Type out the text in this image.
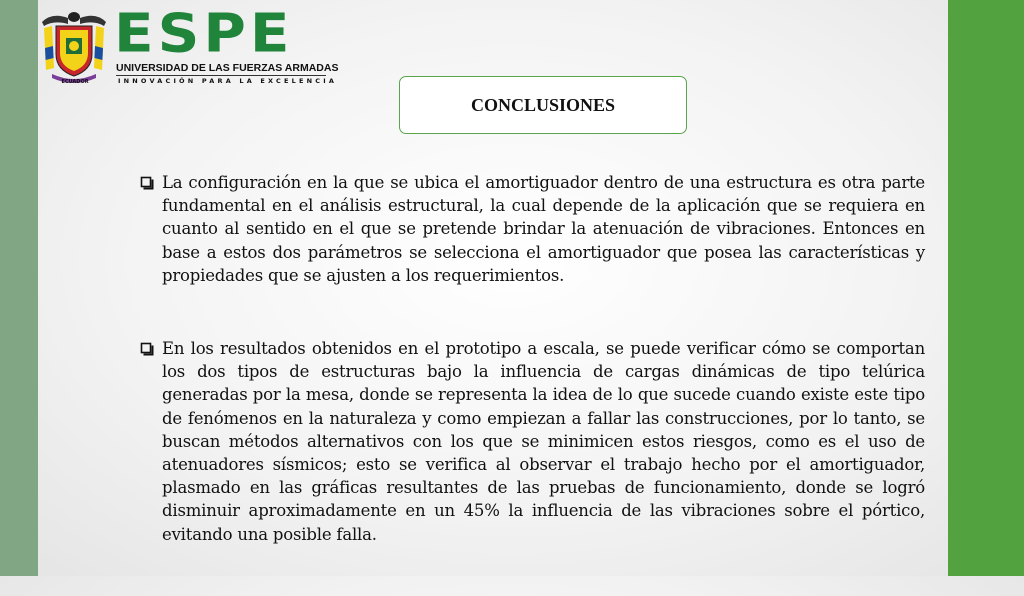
ECUADOR
ESPE
UNIVERSIDAD DE LAS FUERZAS ARMADAS
INNOVACIÓN PARA LA EXCELENCIA
CONCLUSIONES
La configuración en la que se ubica el amortiguador dentro de una estructura es otra parte fundamental en el análisis estructural, la cual depende de la aplicación que se requiera en cuanto al sentido en el que se pretende brindar la atenuación de vibraciones. Entonces en base a estos dos parámetros se selecciona el amortiguador que posea las características y propiedades que se ajusten a los requerimientos.
En los resultados obtenidos en el prototipo a escala, se puede verificar cómo se comportan los dos tipos de estructuras bajo la influencia de cargas dinámicas de tipo telúrica generadas por la mesa, donde se representa la idea de lo que sucede cuando existe este tipo de fenómenos en la naturaleza y como empiezan a fallar las construcciones, por lo tanto, se buscan métodos alternativos con los que se minimicen estos riesgos, como es el uso de atenuadores sísmicos; esto se verifica al observar el trabajo hecho por el amortiguador, plasmado en las gráficas resultantes de las pruebas de funcionamiento, donde se logró disminuir aproximadamente en un 45% la influencia de las vibraciones sobre el pórtico, evitando una posible falla.
